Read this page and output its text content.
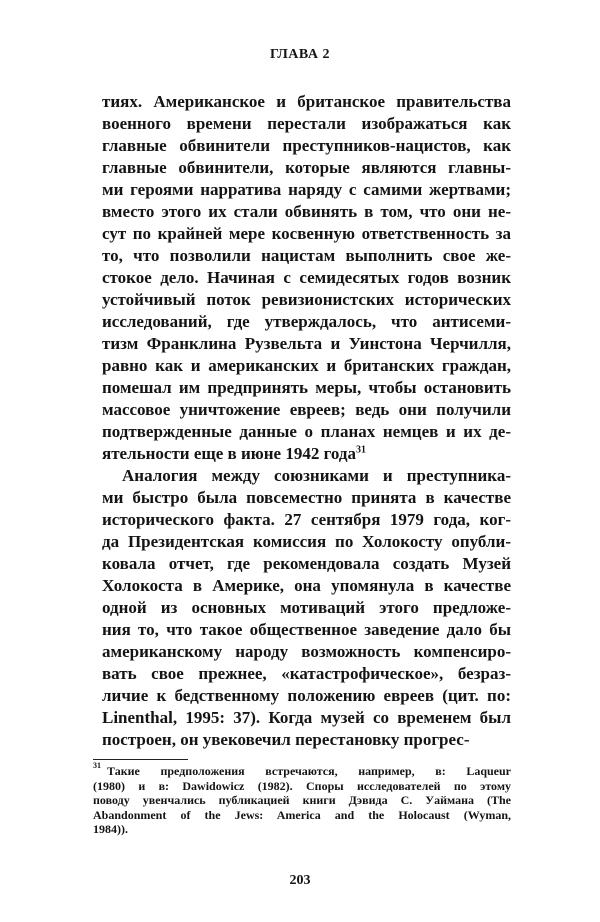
ГЛАВА 2
тиях. Американское и британское правительства
военного времени перестали изображаться как
главные обвинители преступников-нацистов, как
главные обвинители, которые являются главны-
ми героями нарратива наряду с самими жертвами;
вместо этого их стали обвинять в том, что они не-
сут по крайней мере косвенную ответственность за
то, что позволили нацистам выполнить свое же-
стокое дело. Начиная с семидесятых годов возник
устойчивый поток ревизионистских исторических
исследований, где утверждалось, что антисеми-
тизм Франклина Рузвельта и Уинстона Черчилля,
равно как и американских и британских граждан,
помешал им предпринять меры, чтобы остановить
массовое уничтожение евреев; ведь они получили
подтвержденные данные о планах немцев и их де-
ятельности еще в июне 1942 года$^{31}$
Аналогия между союзниками и преступника-
ми быстро была повсеместно принята в качестве
исторического факта. 27 сентября 1979 года, ког-
да Президентская комиссия по Холокосту опубли-
ковала отчет, где рекомендовала создать Музей
Холокоста в Америке, она упомянула в качестве
одной из основных мотиваций этого предложе-
ния то, что такое общественное заведение дало бы
американскому народу возможность компенсиро-
вать свое прежнее, «катастрофическое», безраз-
личие к бедственному положению евреев (цит. по:
Linenthal, 1995: 37). Когда музей со временем был
построен, он увековечил перестановку прогрес-
31 Такие предположения встречаются, например, в: Laqueur
(1980) и в: Dawidowicz (1982). Споры исследователей по этому
поводу увенчались публикацией книги Дэвида С. Уаймана (The
Abandonment of the Jews: America and the Holocaust (Wyman,
1984)).
203
